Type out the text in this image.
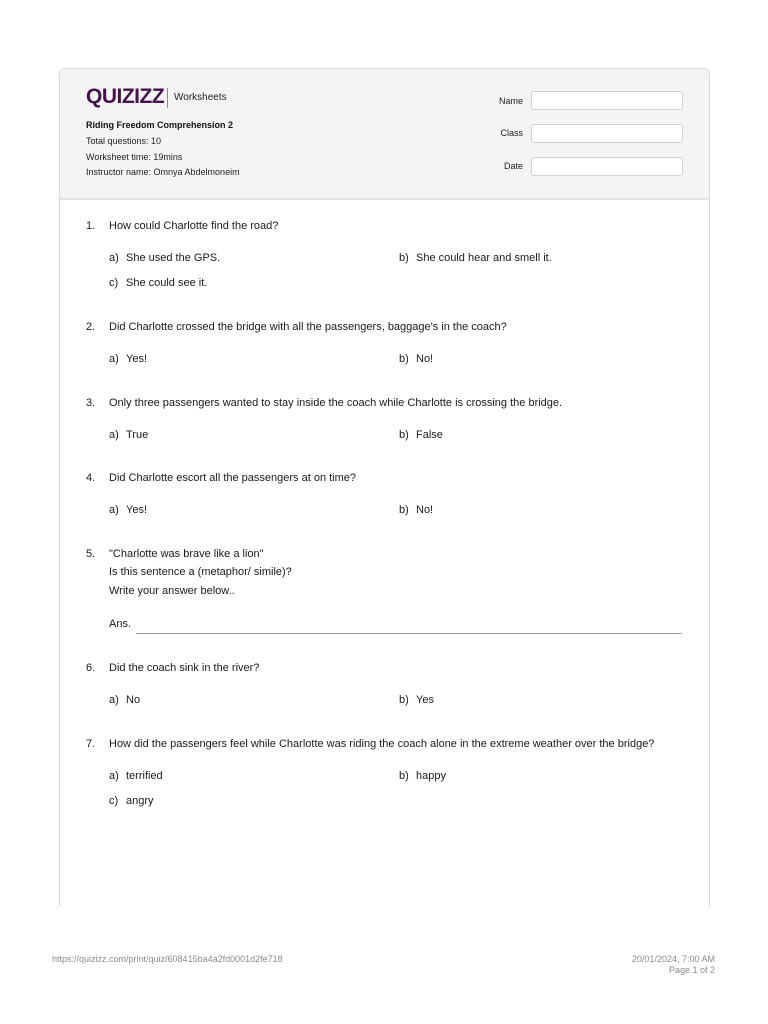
QUIZIZZ Worksheets
Riding Freedom Comprehension 2
Total questions: 10
Worksheet time: 19mins
Instructor name: Omnya Abdelmoneim
Name
Class
Date
1. How could Charlotte find the road?
a) She used the GPS.	b) She could hear and smell it.
c) She could see it.
2. Did Charlotte crossed the bridge with all the passengers, baggage's in the coach?
a) Yes!	b) No!
3. Only three passengers wanted to stay inside the coach while Charlotte is crossing the bridge.
a) True	b) False
4. Did Charlotte escort all the passengers at on time?
a) Yes!	b) No!
5. "Charlotte was brave like a lion"
Is this sentence a (metaphor/ simile)?
Write your answer below..
Ans.
6. Did the coach sink in the river?
a) No	b) Yes
7. How did the passengers feel while Charlotte was riding the coach alone in the extreme weather over the bridge?
a) terrified	b) happy
c) angry
https://quizizz.com/print/quiz/608415ba4a2fd0001d2fe718	20/01/2024, 7:00 AM
Page 1 of 2
